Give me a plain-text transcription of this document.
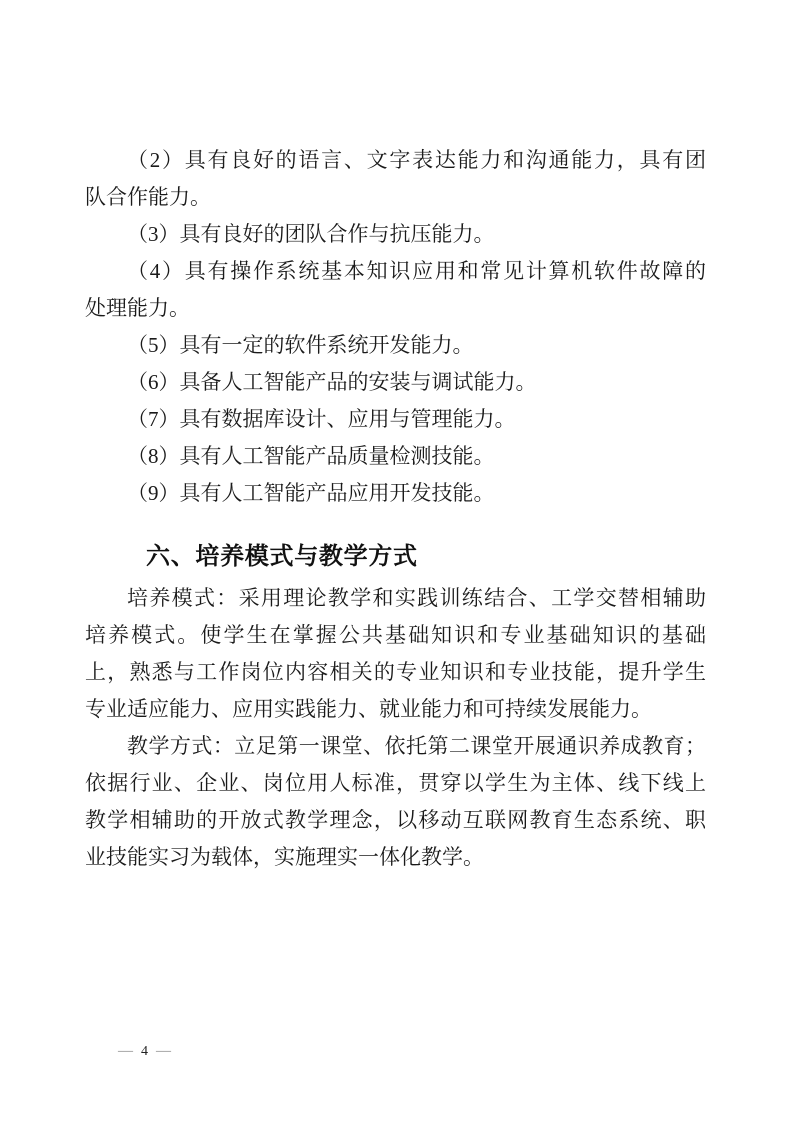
（2）具有良好的语言、文字表达能力和沟通能力，具有团
队合作能力。
（3）具有良好的团队合作与抗压能力。
（4）具有操作系统基本知识应用和常见计算机软件故障的
处理能力。
（5）具有一定的软件系统开发能力。
（6）具备人工智能产品的安装与调试能力。
（7）具有数据库设计、应用与管理能力。
（8）具有人工智能产品质量检测技能。
（9）具有人工智能产品应用开发技能。
六、培养模式与教学方式
培养模式：采用理论教学和实践训练结合、工学交替相辅助
培养模式。使学生在掌握公共基础知识和专业基础知识的基础
上，熟悉与工作岗位内容相关的专业知识和专业技能，提升学生
专业适应能力、应用实践能力、就业能力和可持续发展能力。
教学方式：立足第一课堂、依托第二课堂开展通识养成教育；
依据行业、企业、岗位用人标准，贯穿以学生为主体、线下线上
教学相辅助的开放式教学理念，以移动互联网教育生态系统、职
业技能实习为载体，实施理实一体化教学。
— 4 —
